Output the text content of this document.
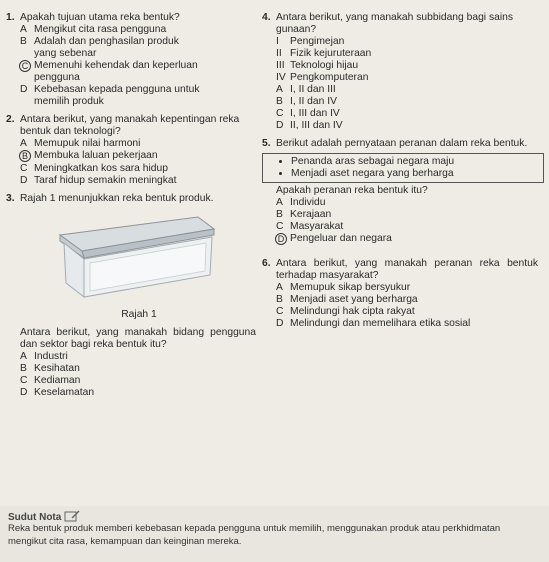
1. Apakah tujuan utama reka bentuk?
A Mengikut cita rasa pengguna
B Adalah dan penghasilan produk yang sebenar
C Memenuhi kehendak dan keperluan pengguna
D Kebebasan kepada pengguna untuk memilih produk
2. Antara berikut, yang manakah kepentingan reka bentuk dan teknologi?
A Memupuk nilai harmoni
B Membuka laluan pekerjaan
C Meningkatkan kos sara hidup
D Taraf hidup semakin meningkat
3. Rajah 1 menunjukkan reka bentuk produk.
Rajah 1
Antara berikut, yang manakah bidang pengguna dan sektor bagi reka bentuk itu?
A Industri
B Kesihatan
C Kediaman
D Keselamatan
4. Antara berikut, yang manakah subbidang bagi sains gunaan?
I	Pengimejan
II Fizik kejuruteraan
III Teknologi hijau
IV Pengkomputeran
A I, II dan III
B I, II dan IV
C I, III dan IV
D II, III dan IV
5. Berikut adalah pernyataan peranan dalam reka bentuk.
• Penanda aras sebagai negara maju
• Menjadi aset negara yang berharga
Apakah peranan reka bentuk itu?
A Individu
B Kerajaan
C Masyarakat
D Pengeluar dan negara
6. Antara berikut, yang manakah peranan reka bentuk terhadap masyarakat?
A Memupuk sikap bersyukur
B Menjadi aset yang berharga
C Melindungi hak cipta rakyat
D Melindungi dan memelihara etika sosial
Sudut Nota
Reka bentuk produk memberi kebebasan kepada pengguna untuk memilih, menggunakan produk atau perkhidmatan mengikut cita rasa, kemampuan dan keinginan mereka.
